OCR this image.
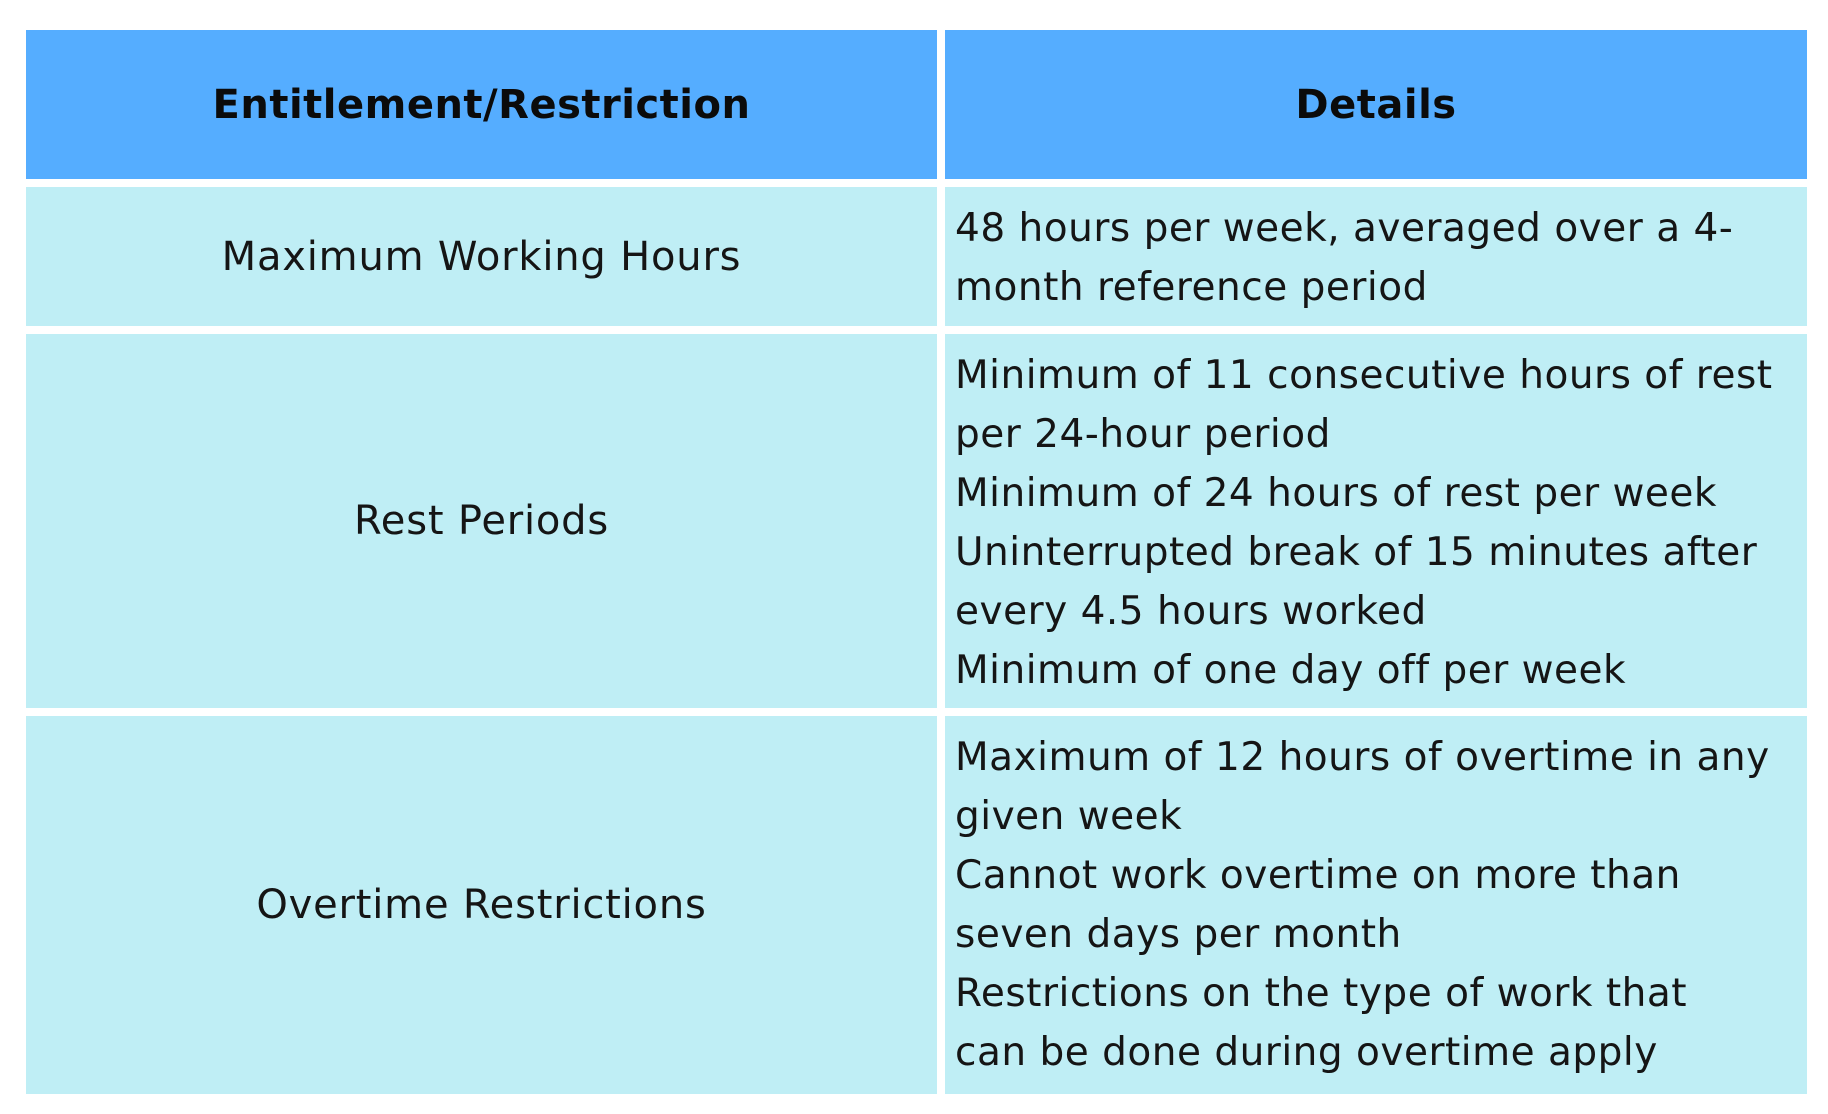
Entitlement/Restriction	Details
Maximum Working Hours
48 hours per week, averaged over a 4-
month reference period
Rest Periods
Minimum of 11 consecutive hours of rest
per 24-hour period
Minimum of 24 hours of rest per week
Uninterrupted break of 15 minutes after
every 4.5 hours worked
Minimum of one day off per week
Overtime Restrictions
Maximum of 12 hours of overtime in any
given week
Cannot work overtime on more than
seven days per month
Restrictions on the type of work that
can be done during overtime apply
